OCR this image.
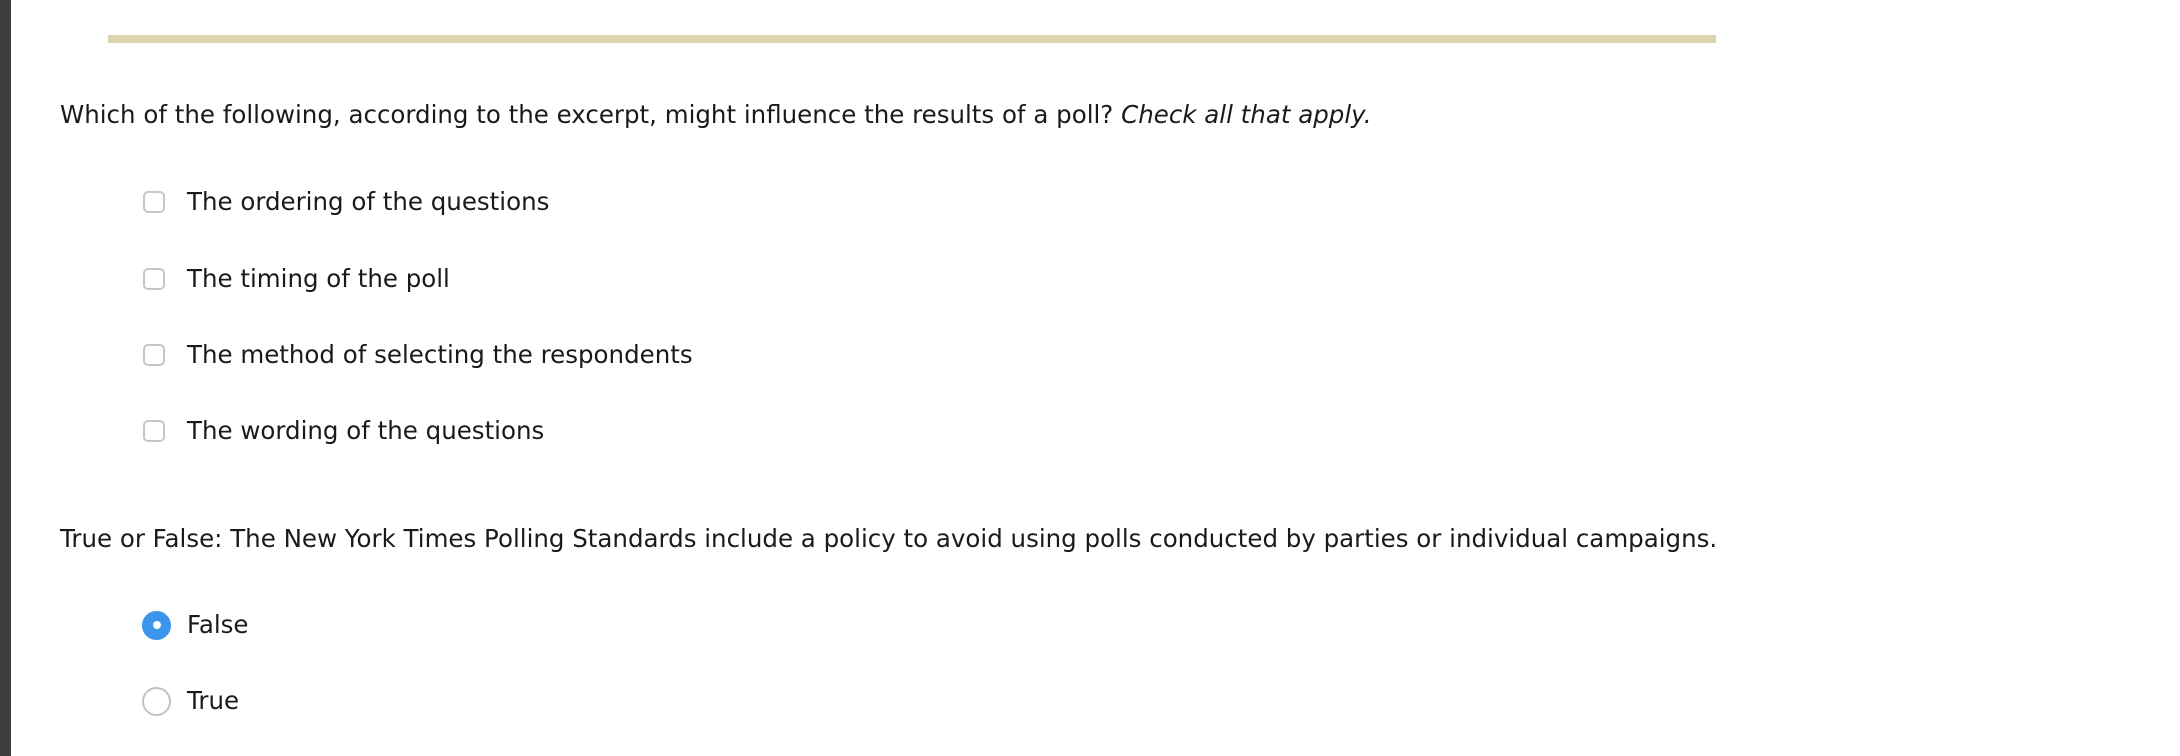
Which of the following, according to the excerpt, might influence the results of a poll? Check all that apply.

The ordering of the questions
The timing of the poll
The method of selecting the respondents
The wording of the questions

True or False: The New York Times Polling Standards include a policy to avoid using polls conducted by parties or individual campaigns.

False
True
